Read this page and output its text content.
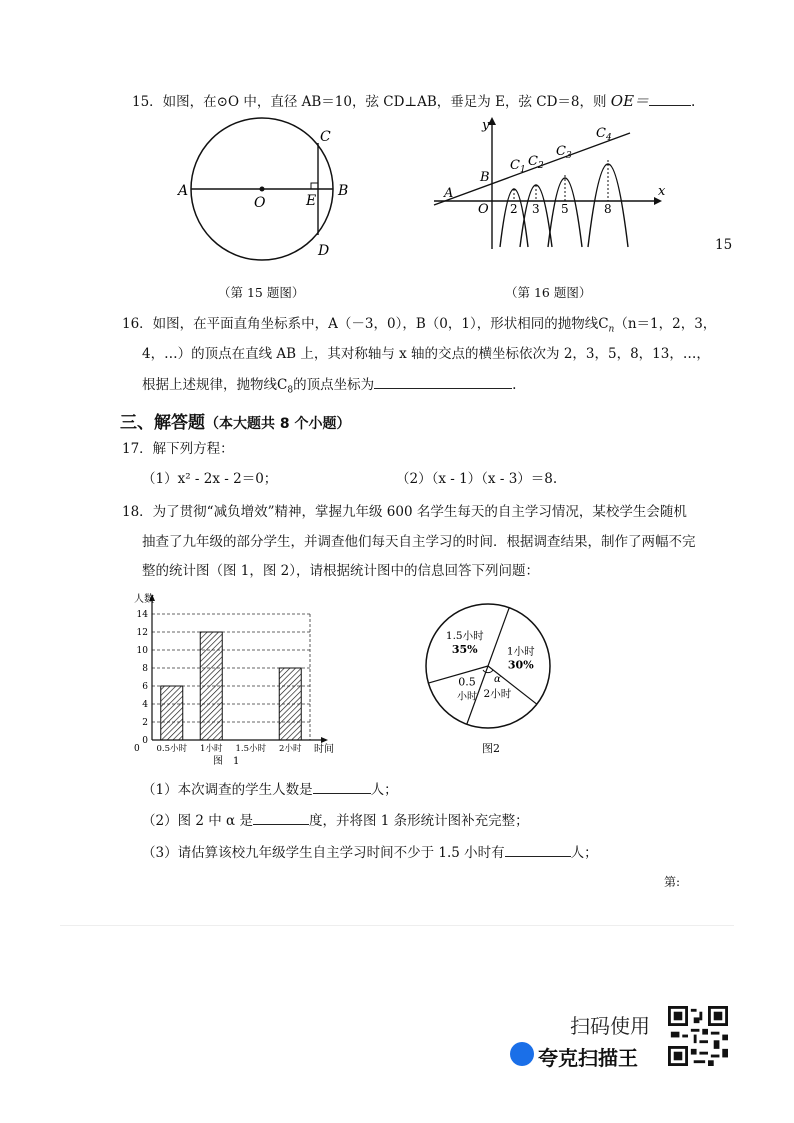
15．如图，在⊙O 中，直径 AB＝10，弦 CD⊥AB，垂足为 E，弦 CD＝8，则 OE＝	.
A	B
C
D
E
O
（第 15 题图）
y
x
A
B
O
$C_1$
$C_2$
$C_3$
$C_4$
2 3 5	8
（第 16 题图）
15
16．如图，在平面直角坐标系中，A（－3，0），B（0，1），形状相同的抛物线$C_n(n=1$，2，3，
4，…）的顶点在直线 AB 上，其对称轴与 x 轴的交点的横坐标依次为 2，3，5，8，13，…，
根据上述规律，抛物线$C_8$的顶点坐标为	.
三、解答题（本大题共 8 个小题）
17．解下列方程：
（1）x² - 2x - 2＝0；	（2）（x - 1）（x - 3）＝8.
18．为了贯彻“减负增效”精神，掌握九年级 600 名学生每天的自主学习情况，某校学生会随机
抽查了九年级的部分学生，并调查他们每天自主学习的时间．根据调查结果，制作了两幅不完
整的统计图（图 1，图 2），请根据统计图中的信息回答下列问题：
0
2
4
6
8
10
12
14
人数
时间
0 0.5小时 1小时 1.5小时 2小时
图　1
1小时
30%
2小时
0.5
小时
1.5小时
35%
α
图2
（1）本次调查的学生人数是	人；
（2）图 2 中 α 是	度，并将图 1 条形统计图补充完整；
（3）请估算该校九年级学生自主学习时间不少于 1.5 小时有	人；
第:
扫码使用
夸克扫描王
